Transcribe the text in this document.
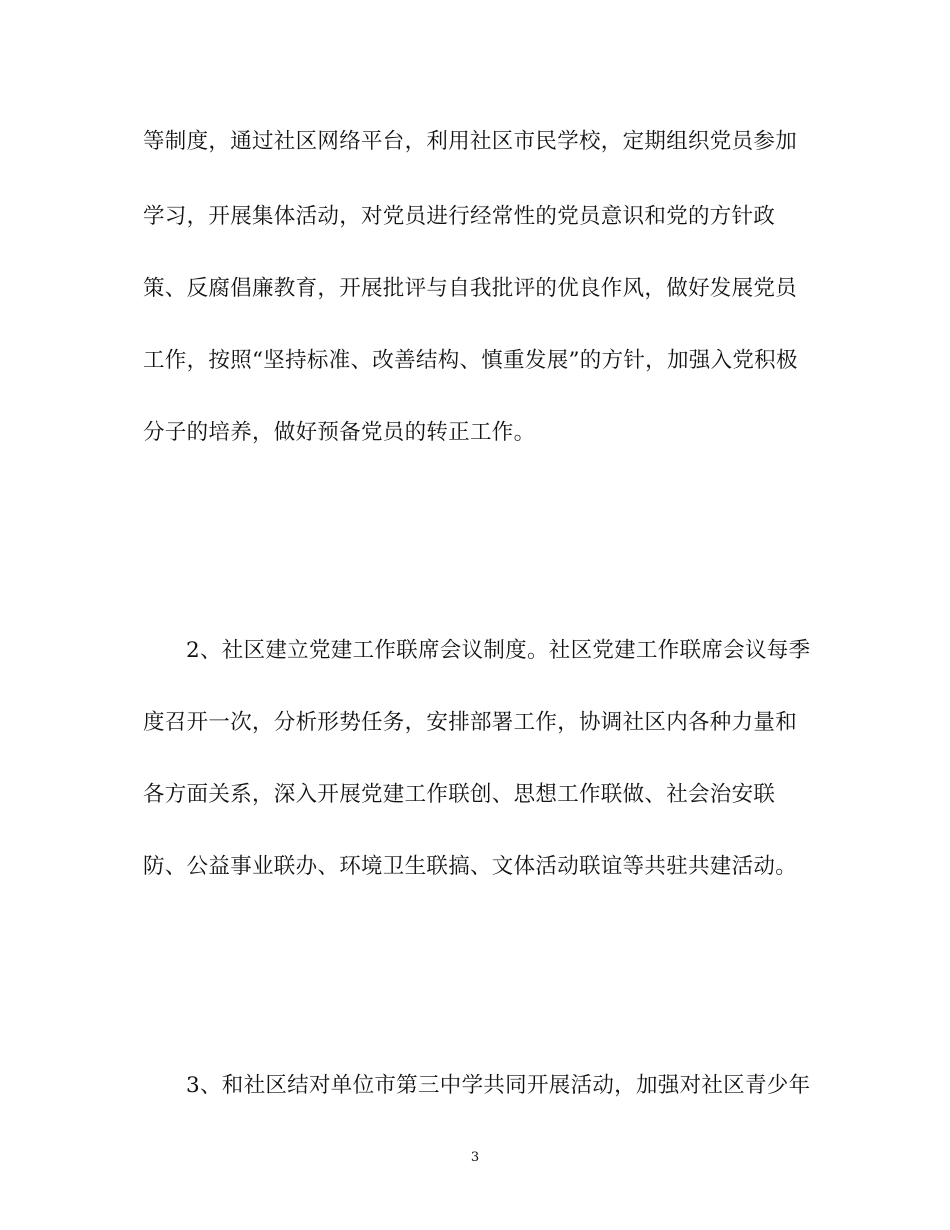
等制度，通过社区网络平台，利用社区市民学校，定期组织党员参加
学习，开展集体活动，对党员进行经常性的党员意识和党的方针政
策、反腐倡廉教育，开展批评与自我批评的优良作风，做好发展党员
工作，按照“坚持标准、改善结构、慎重发展”的方针，加强入党积极
分子的培养，做好预备党员的转正工作。
2、社区建立党建工作联席会议制度。社区党建工作联席会议每季
度召开一次，分析形势任务，安排部署工作，协调社区内各种力量和
各方面关系，深入开展党建工作联创、思想工作联做、社会治安联
防、公益事业联办、环境卫生联搞、文体活动联谊等共驻共建活动。
3、和社区结对单位市第三中学共同开展活动，加强对社区青少年
3
